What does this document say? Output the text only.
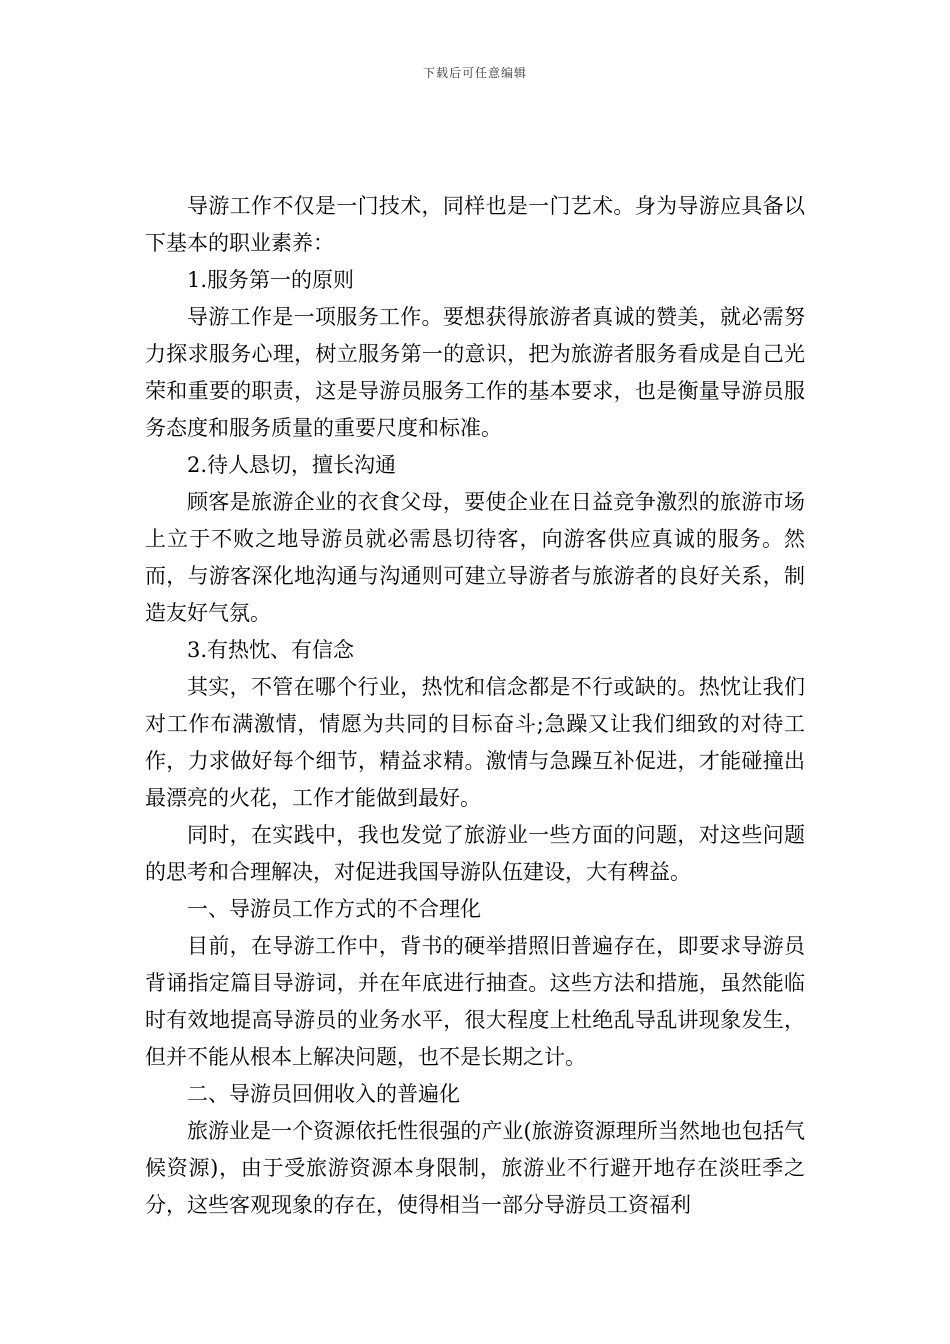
下载后可任意编辑

导游工作不仅是一门技术，同样也是一门艺术。身为导游应具备以下基本的职业素养：

1.服务第一的原则

导游工作是一项服务工作。要想获得旅游者真诚的赞美，就必需努力探求服务心理，树立服务第一的意识，把为旅游者服务看成是自己光荣和重要的职责，这是导游员服务工作的基本要求，也是衡量导游员服务态度和服务质量的重要尺度和标准。

2.待人恳切，擅长沟通

顾客是旅游企业的衣食父母，要使企业在日益竞争激烈的旅游市场上立于不败之地导游员就必需恳切待客，向游客供应真诚的服务。然而，与游客深化地沟通与沟通则可建立导游者与旅游者的良好关系，制造友好气氛。

3.有热忱、有信念

其实，不管在哪个行业，热忱和信念都是不行或缺的。热忱让我们对工作布满激情，情愿为共同的目标奋斗;急躁又让我们细致的对待工作，力求做好每个细节，精益求精。激情与急躁互补促进，才能碰撞出最漂亮的火花，工作才能做到最好。

同时，在实践中，我也发觉了旅游业一些方面的问题，对这些问题的思考和合理解决，对促进我国导游队伍建设，大有稗益。

一、导游员工作方式的不合理化

目前，在导游工作中，背书的硬举措照旧普遍存在，即要求导游员背诵指定篇目导游词，并在年底进行抽查。这些方法和措施，虽然能临时有效地提高导游员的业务水平，很大程度上杜绝乱导乱讲现象发生，但并不能从根本上解决问题，也不是长期之计。

二、导游员回佣收入的普遍化

旅游业是一个资源依托性很强的产业(旅游资源理所当然地也包括气候资源)，由于受旅游资源本身限制，旅游业不行避开地存在淡旺季之分，这些客观现象的存在，使得相当一部分导游员工资福利
